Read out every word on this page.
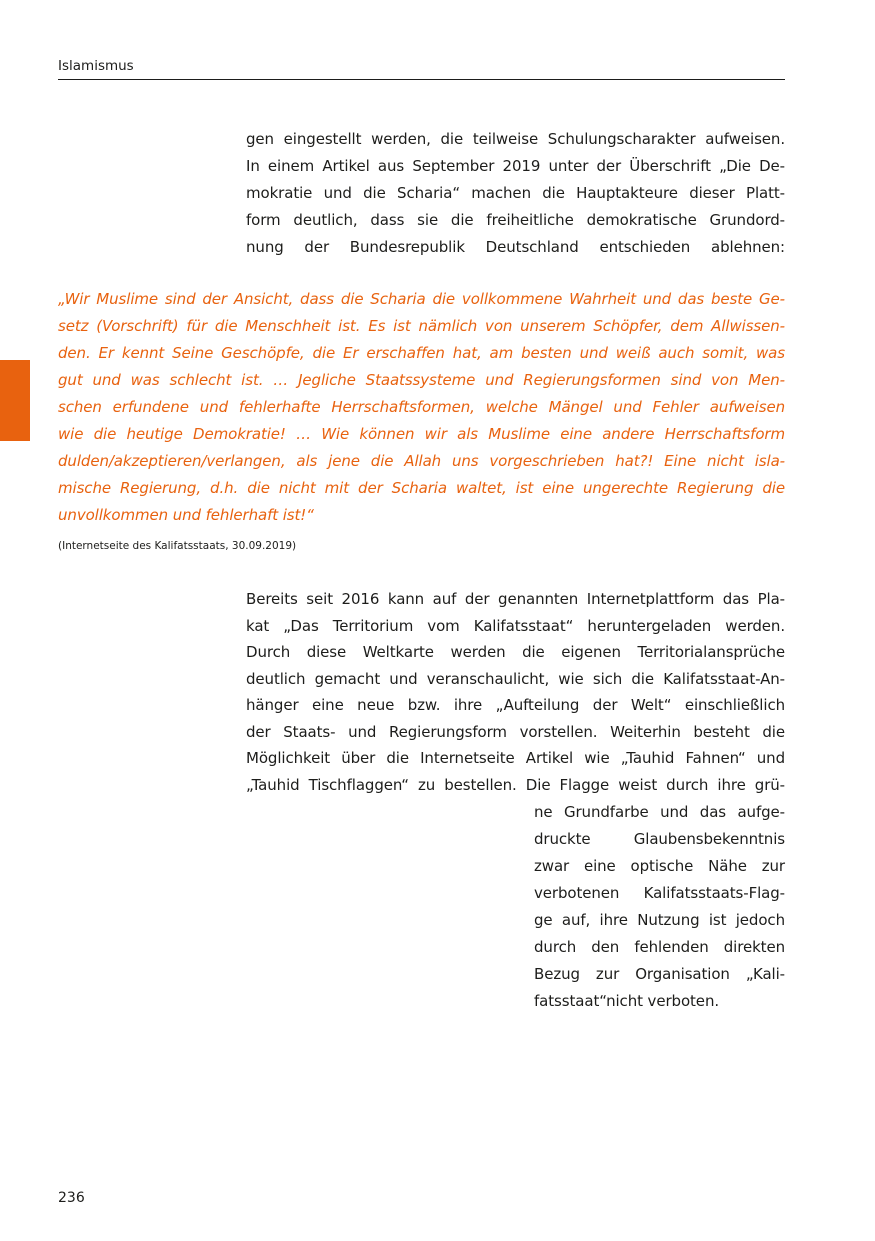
Islamismus
gen eingestellt werden, die teilweise Schulungscharakter aufweisen.
In einem Artikel aus September 2019 unter der Überschrift „Die De-
mokratie und die Scharia“ machen die Hauptakteure dieser Platt-
form deutlich, dass sie die freiheitliche demokratische Grundord-
nung der Bundesrepublik Deutschland entschieden ablehnen:
„Wir Muslime sind der Ansicht, dass die Scharia die vollkommene Wahrheit und das beste Ge-
setz (Vorschrift) für die Menschheit ist. Es ist nämlich von unserem Schöpfer, dem Allwissen-
den. Er kennt Seine Geschöpfe, die Er erschaffen hat, am besten und weiß auch somit, was
gut und was schlecht ist. … Jegliche Staatssysteme und Regierungsformen sind von Men-
schen erfundene und fehlerhafte Herrschaftsformen, welche Mängel und Fehler aufweisen
wie die heutige Demokratie! … Wie können wir als Muslime eine andere Herrschaftsform
dulden/akzeptieren/verlangen, als jene die Allah uns vorgeschrieben hat?! Eine nicht isla-
mische Regierung, d.h. die nicht mit der Scharia waltet, ist eine ungerechte Regierung die
unvollkommen und fehlerhaft ist!“
(Internetseite des Kalifatsstaats, 30.09.2019)
Bereits seit 2016 kann auf der genannten Internetplattform das Pla-
kat „Das Territorium vom Kalifatsstaat“ heruntergeladen werden.
Durch diese Weltkarte werden die eigenen Territorialansprüche
deutlich gemacht und veranschaulicht, wie sich die Kalifatsstaat-An-
hänger eine neue bzw. ihre „Aufteilung der Welt“ einschließlich
der Staats- und Regierungsform vorstellen. Weiterhin besteht die
Möglichkeit über die Internetseite Artikel wie „Tauhid Fahnen“ und
„Tauhid Tischflaggen“ zu bestellen. Die Flagge weist durch ihre grü-
ne Grundfarbe und das aufge-
druckte Glaubensbekenntnis
zwar eine optische Nähe zur
verbotenen Kalifatsstaats-Flag-
ge auf, ihre Nutzung ist jedoch
durch den fehlenden direkten
Bezug zur Organisation „Kali-
fatsstaat“nicht verboten.
236
